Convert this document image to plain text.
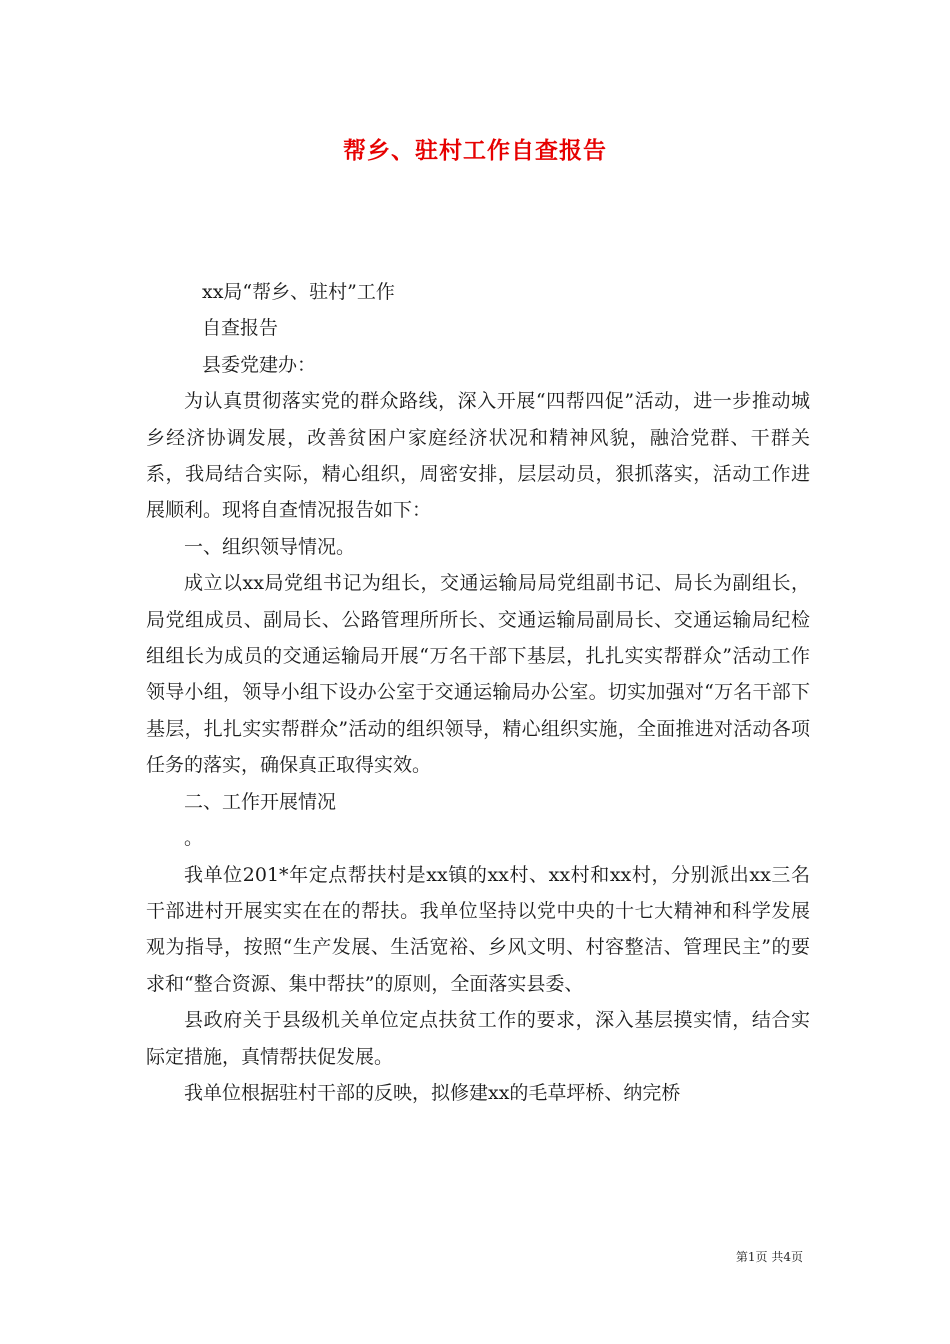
帮乡、驻村工作自查报告

xx局“帮乡、驻村”工作

自查报告

县委党建办：

为认真贯彻落实党的群众路线，深入开展“四帮四促”活动，进一步推动城乡经济协调发展，改善贫困户家庭经济状况和精神风貌，融洽党群、干群关系，我局结合实际，精心组织，周密安排，层层动员，狠抓落实，活动工作进展顺利。现将自查情况报告如下：

一、组织领导情况。

成立以xx局党组书记为组长，交通运输局局党组副书记、局长为副组长，局党组成员、副局长、公路管理所所长、交通运输局副局长、交通运输局纪检组组长为成员的交通运输局开展“万名干部下基层，扎扎实实帮群众”活动工作领导小组，领导小组下设办公室于交通运输局办公室。切实加强对“万名干部下基层，扎扎实实帮群众”活动的组织领导，精心组织实施，全面推进对活动各项任务的落实，确保真正取得实效。

二、工作开展情况

。

我单位201*年定点帮扶村是xx镇的xx村、xx村和xx村，分别派出xx三名干部进村开展实实在在的帮扶。我单位坚持以党中央的十七大精神和科学发展观为指导，按照“生产发展、生活宽裕、乡风文明、村容整洁、管理民主”的要求和“整合资源、集中帮扶”的原则，全面落实县委、

县政府关于县级机关单位定点扶贫工作的要求，深入基层摸实情，结合实际定措施，真情帮扶促发展。

我单位根据驻村干部的反映，拟修建xx的毛草坪桥、纳完桥

第1页 共4页
